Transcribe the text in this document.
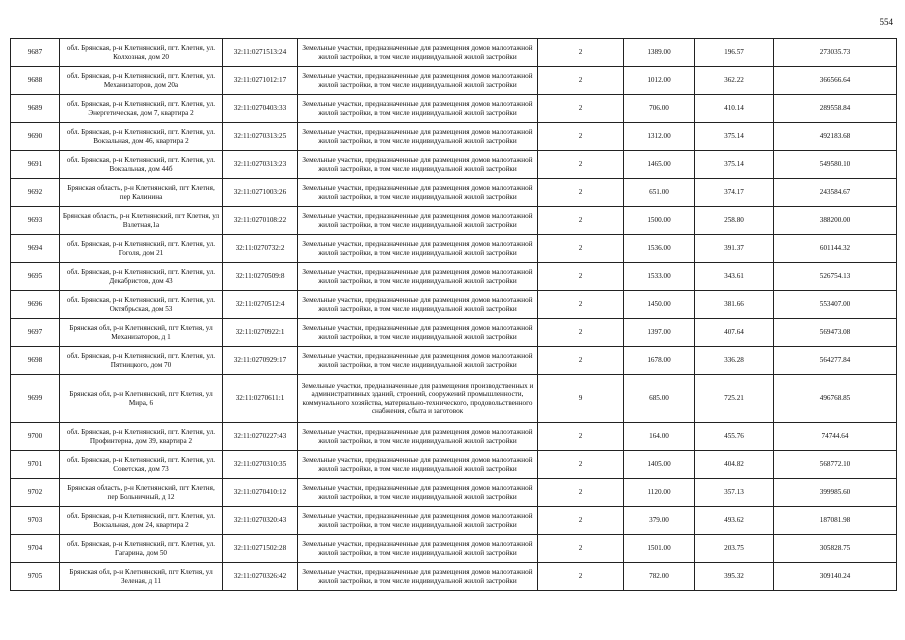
554
9687	обл. Брянская, р-н Клетнянский, пгт. Клетня, ул. Колхозная, дом 20	32:11:0271513:24	Земельные участки, предназначенные для размещения домов малоэтажной жилой застройки, в том числе индивидуальной жилой застройки	2	1389.00	196.57	273035.73
9688	обл. Брянская, р-н Клетнянский, пгт. Клетня, ул. Механизаторов, дом 20а	32:11:0271012:17	Земельные участки, предназначенные для размещения домов малоэтажной жилой застройки, в том числе индивидуальной жилой застройки	2	1012.00	362.22	366566.64
9689	обл. Брянская, р-н Клетнянский, пгт. Клетня, ул. Энергетическая, дом 7, квартира 2	32:11:0270403:33	Земельные участки, предназначенные для размещения домов малоэтажной жилой застройки, в том числе индивидуальной жилой застройки	2	706.00	410.14	289558.84
9690	обл. Брянская, р-н Клетнянский, пгт. Клетня, ул. Вокзальная, дом 46, квартира 2	32:11:0270313:25	Земельные участки, предназначенные для размещения домов малоэтажной жилой застройки, в том числе индивидуальной жилой застройки	2	1312.00	375.14	492183.68
9691	обл. Брянская, р-н Клетнянский, пгт. Клетня, ул. Вокзальная, дом 44б	32:11:0270313:23	Земельные участки, предназначенные для размещения домов малоэтажной жилой застройки, в том числе индивидуальной жилой застройки	2	1465.00	375.14	549580.10
9692	Брянская область, р-н Клетнянский, пгт Клетня, пер Калинина	32:11:0271003:26	Земельные участки, предназначенные для размещения домов малоэтажной жилой застройки, в том числе индивидуальной жилой застройки	2	651.00	374.17	243584.67
9693	Брянская область, р-н Клетнянский, пгт Клетня, ул Взлетная,1а	32:11:0270108:22	Земельные участки, предназначенные для размещения домов малоэтажной жилой застройки, в том числе индивидуальной жилой застройки	2	1500.00	258.80	388200.00
9694	обл. Брянская, р-н Клетнянский, пгт. Клетня, ул. Гоголя, дом 21	32:11:0270732:2	Земельные участки, предназначенные для размещения домов малоэтажной жилой застройки, в том числе индивидуальной жилой застройки	2	1536.00	391.37	601144.32
9695	обл. Брянская, р-н Клетнянский, пгт. Клетня, ул. Декабристов, дом 43	32:11:0270509:8	Земельные участки, предназначенные для размещения домов малоэтажной жилой застройки, в том числе индивидуальной жилой застройки	2	1533.00	343.61	526754.13
9696	обл. Брянская, р-н Клетнянский, пгт. Клетня, ул. Октябрьская, дом 53	32:11:0270512:4	Земельные участки, предназначенные для размещения домов малоэтажной жилой застройки, в том числе индивидуальной жилой застройки	2	1450.00	381.66	553407.00
9697	Брянская обл, р-н Клетнянский, пгт Клетня, ул Механизаторов, д 1	32:11:0270922:1	Земельные участки, предназначенные для размещения домов малоэтажной жилой застройки, в том числе индивидуальной жилой застройки	2	1397.00	407.64	569473.08
9698	обл. Брянская, р-н Клетнянский, пгт. Клетня, ул. Пятницкого, дом 70	32:11:0270929:17	Земельные участки, предназначенные для размещения домов малоэтажной жилой застройки, в том числе индивидуальной жилой застройки	2	1678.00	336.28	564277.84
9699	Брянская обл, р-н Клетнянский, пгт Клетня, ул Мира, 6	32:11:0270611:1	Земельные участки, предназначенные для размещения производственных и административных зданий, строений, сооружений промышленности, коммунального хозяйства, материально-технического, продовольственного снабжения, сбыта и заготовок	9	685.00	725.21	496768.85
9700	обл. Брянская, р-н Клетнянский, пгт. Клетня, ул. Профинтерна, дом 39, квартира 2	32:11:0270227:43	Земельные участки, предназначенные для размещения домов малоэтажной жилой застройки, в том числе индивидуальной жилой застройки	2	164.00	455.76	74744.64
9701	обл. Брянская, р-н Клетнянский, пгт. Клетня, ул. Советская, дом 73	32:11:0270310:35	Земельные участки, предназначенные для размещения домов малоэтажной жилой застройки, в том числе индивидуальной жилой застройки	2	1405.00	404.82	568772.10
9702	Брянская область, р-н Клетнянский, пгт Клетня, пер Больничный, д 12	32:11:0270410:12	Земельные участки, предназначенные для размещения домов малоэтажной жилой застройки, в том числе индивидуальной жилой застройки	2	1120.00	357.13	399985.60
9703	обл. Брянская, р-н Клетнянский, пгт. Клетня, ул. Вокзальная, дом 24, квартира 2	32:11:0270320:43	Земельные участки, предназначенные для размещения домов малоэтажной жилой застройки, в том числе индивидуальной жилой застройки	2	379.00	493.62	187081.98
9704	обл. Брянская, р-н Клетнянский, пгт. Клетня, ул. Гагарина, дом 50	32:11:0271502:28	Земельные участки, предназначенные для размещения домов малоэтажной жилой застройки, в том числе индивидуальной жилой застройки	2	1501.00	203.75	305828.75
9705	Брянская обл, р-н Клетнянский, пгт Клетня, ул Зеленая, д 11	32:11:0270326:42	Земельные участки, предназначенные для размещения домов малоэтажной жилой застройки, в том числе индивидуальной жилой застройки	2	782.00	395.32	309140.24
